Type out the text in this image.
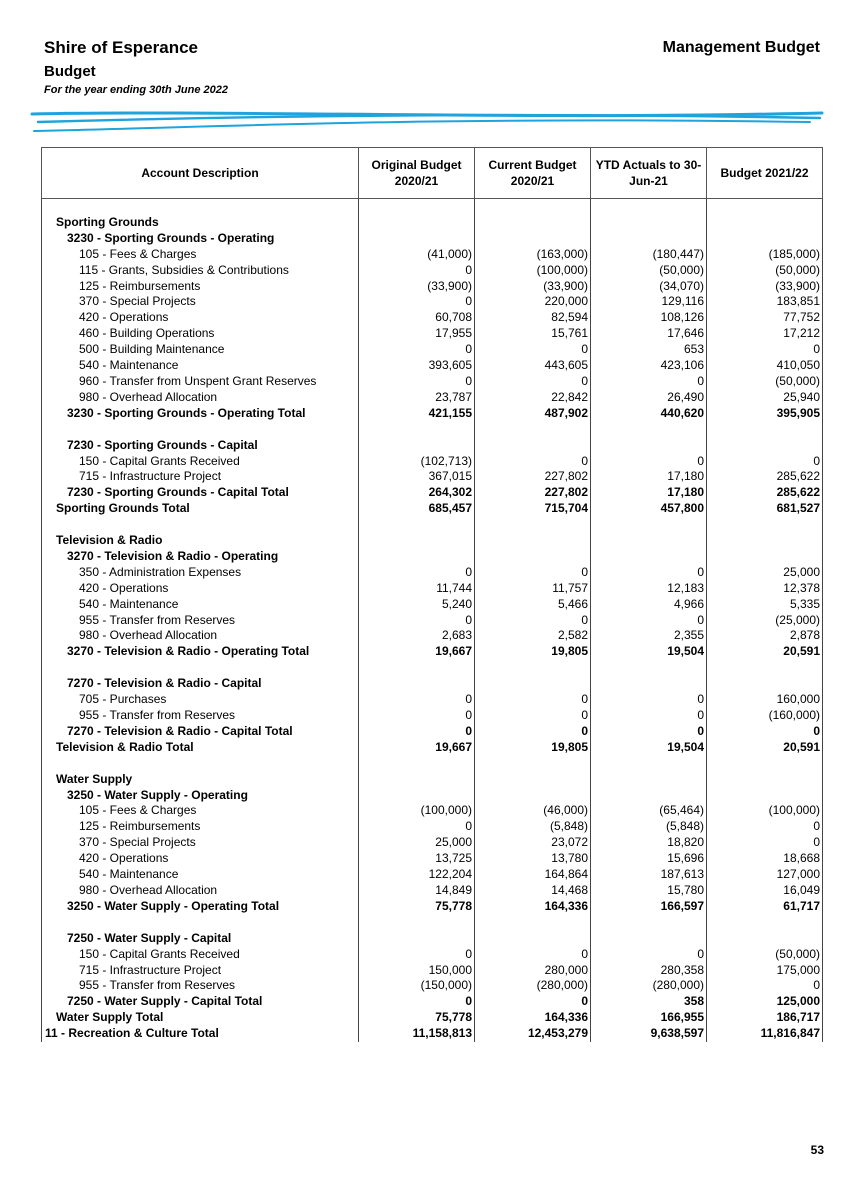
Shire of Esperance
Budget
For the year ending 30th June 2022
Management Budget
Account Description	Original Budget 2020/21	Current Budget 2020/21	YTD Actuals to 30-Jun-21	Budget 2021/22

Sporting Grounds				
3230 - Sporting Grounds - Operating				
105 - Fees & Charges	(41,000)	(163,000)	(180,447)	(185,000)
115 - Grants, Subsidies & Contributions	0	(100,000)	(50,000)	(50,000)
125 - Reimbursements	(33,900)	(33,900)	(34,070)	(33,900)
370 - Special Projects	0	220,000	129,116	183,851
420 - Operations	60,708	82,594	108,126	77,752
460 - Building Operations	17,955	15,761	17,646	17,212
500 - Building Maintenance	0	0	653	0
540 - Maintenance	393,605	443,605	423,106	410,050
960 - Transfer from Unspent Grant Reserves	0	0	0	(50,000)
980 - Overhead Allocation	23,787	22,842	26,490	25,940
3230 - Sporting Grounds - Operating Total	421,155	487,902	440,620	395,905

7230 - Sporting Grounds - Capital				
150 - Capital Grants Received	(102,713)	0	0	0
715 - Infrastructure Project	367,015	227,802	17,180	285,622
7230 - Sporting Grounds - Capital Total	264,302	227,802	17,180	285,622
Sporting Grounds Total	685,457	715,704	457,800	681,527

Television & Radio				
3270 - Television & Radio - Operating				
350 - Administration Expenses	0	0	0	25,000
420 - Operations	11,744	11,757	12,183	12,378
540 - Maintenance	5,240	5,466	4,966	5,335
955 - Transfer from Reserves	0	0	0	(25,000)
980 - Overhead Allocation	2,683	2,582	2,355	2,878
3270 - Television & Radio - Operating Total	19,667	19,805	19,504	20,591

7270 - Television & Radio - Capital				
705 - Purchases	0	0	0	160,000
955 - Transfer from Reserves	0	0	0	(160,000)
7270 - Television & Radio - Capital Total	0	0	0	0
Television & Radio Total	19,667	19,805	19,504	20,591

Water Supply				
3250 - Water Supply - Operating				
105 - Fees & Charges	(100,000)	(46,000)	(65,464)	(100,000)
125 - Reimbursements	0	(5,848)	(5,848)	0
370 - Special Projects	25,000	23,072	18,820	0
420 - Operations	13,725	13,780	15,696	18,668
540 - Maintenance	122,204	164,864	187,613	127,000
980 - Overhead Allocation	14,849	14,468	15,780	16,049
3250 - Water Supply - Operating Total	75,778	164,336	166,597	61,717

7250 - Water Supply - Capital				
150 - Capital Grants Received	0	0	0	(50,000)
715 - Infrastructure Project	150,000	280,000	280,358	175,000
955 - Transfer from Reserves	(150,000)	(280,000)	(280,000)	0
7250 - Water Supply - Capital Total	0	0	358	125,000
Water Supply Total	75,778	164,336	166,955	186,717
11 - Recreation & Culture Total	11,158,813	12,453,279	9,638,597	11,816,847
53
